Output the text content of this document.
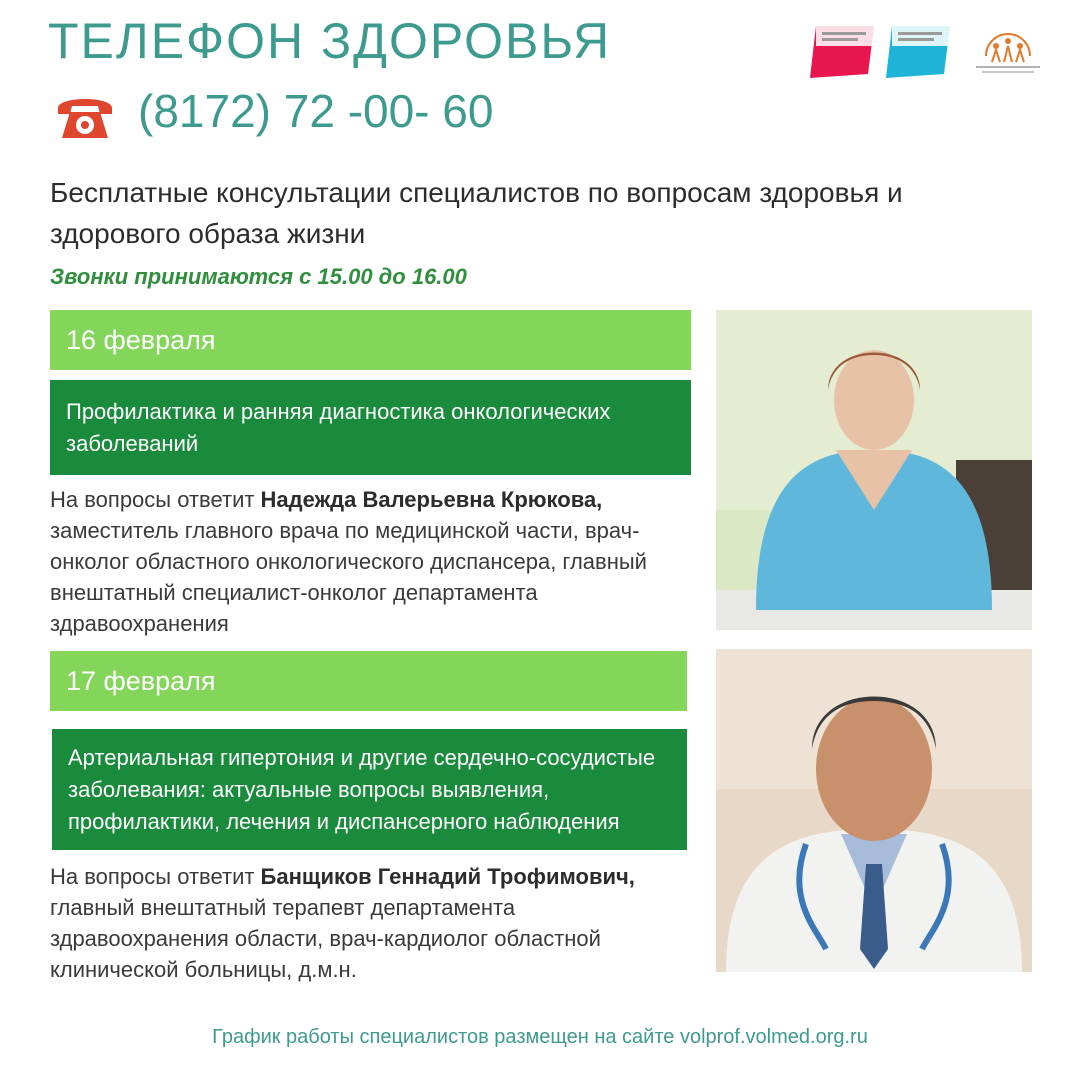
ТЕЛЕФОН ЗДОРОВЬЯ
(8172) 72 -00- 60
Бесплатные консультации специалистов по вопросам здоровья и здорового образа жизни
Звонки принимаются с 15.00 до 16.00
16 февраля
Профилактика и ранняя диагностика онкологических заболеваний
На вопросы ответит Надежда Валерьевна Крюкова, заместитель главного врача по медицинской части, врач-онколог областного онкологического диспансера, главный внештатный специалист-онколог департамента здравоохранения
17 февраля
Артериальная гипертония и другие сердечно-сосудистые заболевания: актуальные вопросы выявления, профилактики, лечения и диспансерного наблюдения
На вопросы ответит Банщиков Геннадий Трофимович, главный внештатный терапевт департамента здравоохранения области, врач-кардиолог областной клинической больницы, д.м.н.
График работы специалистов размещен на сайте volprof.volmed.org.ru
